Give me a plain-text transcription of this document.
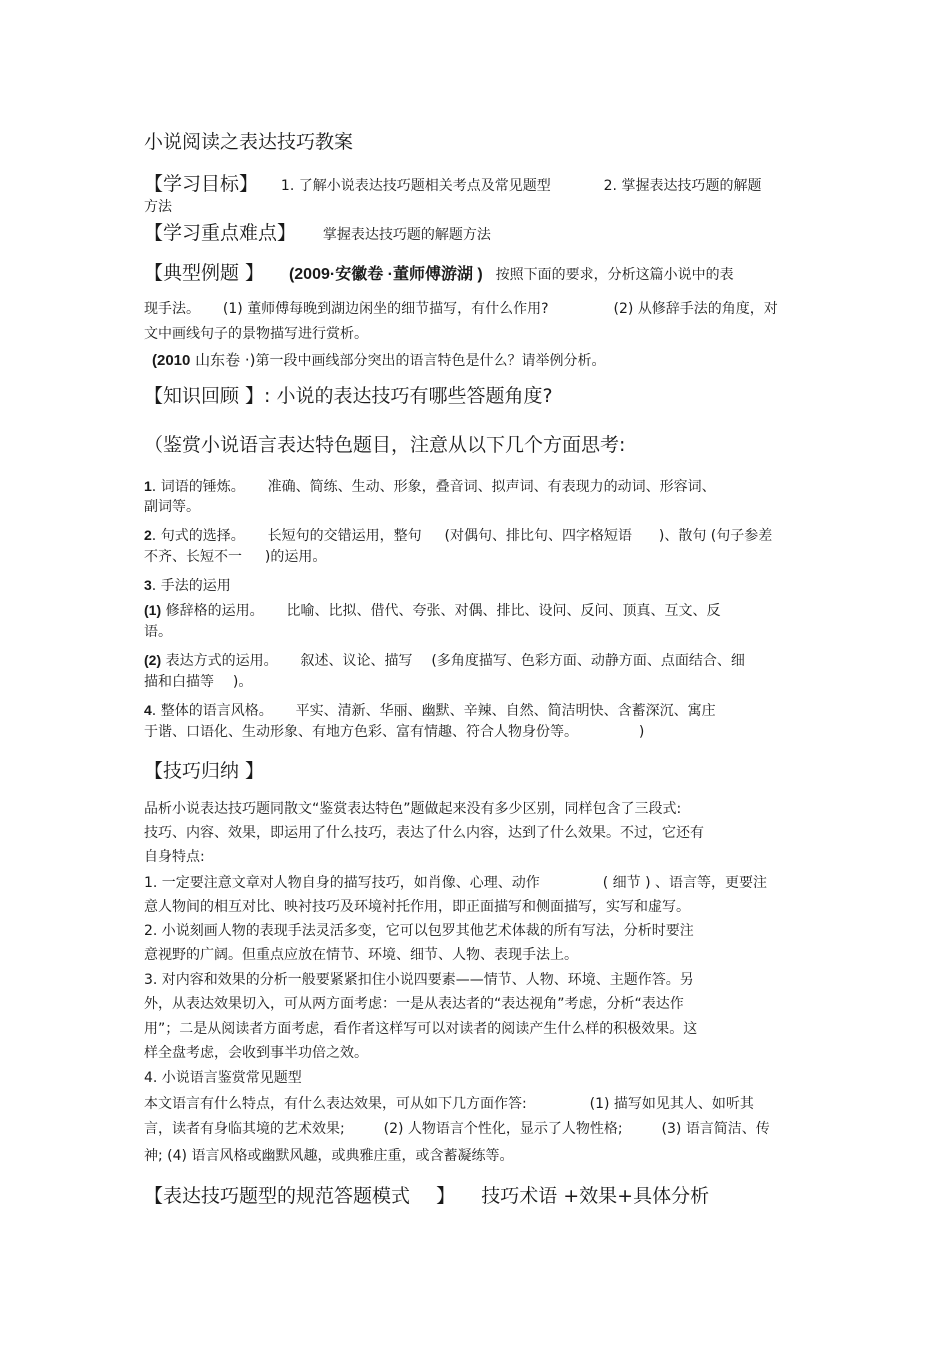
小说阅读之表达技巧教案
【学习目标】 1. 了解小说表达技巧题相关考点及常见题型	2. 掌握表达技巧题的解题
方法
【学习重点难点】 掌握表达技巧题的解题方法
【典型例题 】 (2009·安徽卷 ·董师傅游湖 ) 按照下面的要求，分析这篇小说中的表
现手法。 (1) 董师傅每晚到湖边闲坐的细节描写，有什么作用?	(2) 从修辞手法的角度，对
文中画线句子的景物描写进行赏析。
(2010 山东卷 ·)第一段中画线部分突出的语言特色是什么？请举例分析。
【知识回顾 】: 小说的表达技巧有哪些答题角度?
（鉴赏小说语言表达特色题目，注意从以下几个方面思考:
1. 词语的锤炼。 准确、简练、生动、形象，叠音词、拟声词、有表现力的动词、形容词、
副词等。
2. 句式的选择。 长短句的交错运用，整句 (对偶句、排比句、四字格短语 )、散句 (句子参差
不齐、长短不一 )的运用。
3. 手法的运用
(1) 修辞格的运用。 比喻、比拟、借代、夸张、对偶、排比、设问、反问、顶真、互文、反
语。
(2) 表达方式的运用。 叙述、议论、描写 (多角度描写、色彩方面、动静方面、点面结合、细
描和白描等 )。
4. 整体的语言风格。 平实、清新、华丽、幽默、辛辣、自然、简洁明快、含蓄深沉、寓庄
于谐、口语化、生动形象、有地方色彩、富有情趣、符合人物身份等。	)
【技巧归纳 】
品析小说表达技巧题同散文“鉴赏表达特色”题做起来没有多少区别，同样包含了三段式:
技巧、内容、效果，即运用了什么技巧，表达了什么内容，达到了什么效果。不过，它还有
自身特点:
1. 一定要注意文章对人物自身的描写技巧，如肖像、心理、动作	( 细节 ) 、语言等，更要注
意人物间的相互对比、映衬技巧及环境衬托作用，即正面描写和侧面描写，实写和虚写。
2. 小说刻画人物的表现手法灵活多变，它可以包罗其他艺术体裁的所有写法，分析时要注
意视野的广阔。但重点应放在情节、环境、细节、人物、表现手法上。
3. 对内容和效果的分析一般要紧紧扣住小说四要素——情节、人物、环境、主题作答。另
外，从表达效果切入，可从两方面考虑：一是从表达者的“表达视角”考虑，分析“表达作
用”；二是从阅读者方面考虑，看作者这样写可以对读者的阅读产生什么样的积极效果。这
样全盘考虑，会收到事半功倍之效。
4. 小说语言鉴赏常见题型
本文语言有什么特点，有什么表达效果，可从如下几方面作答:	(1) 描写如见其人、如听其
言，读者有身临其境的艺术效果;	(2) 人物语言个性化，显示了人物性格;	(3) 语言简洁、传
神; (4) 语言风格或幽默风趣，或典雅庄重，或含蓄凝练等。
【表达技巧题型的规范答题模式 】 技巧术语 +效果+具体分析
